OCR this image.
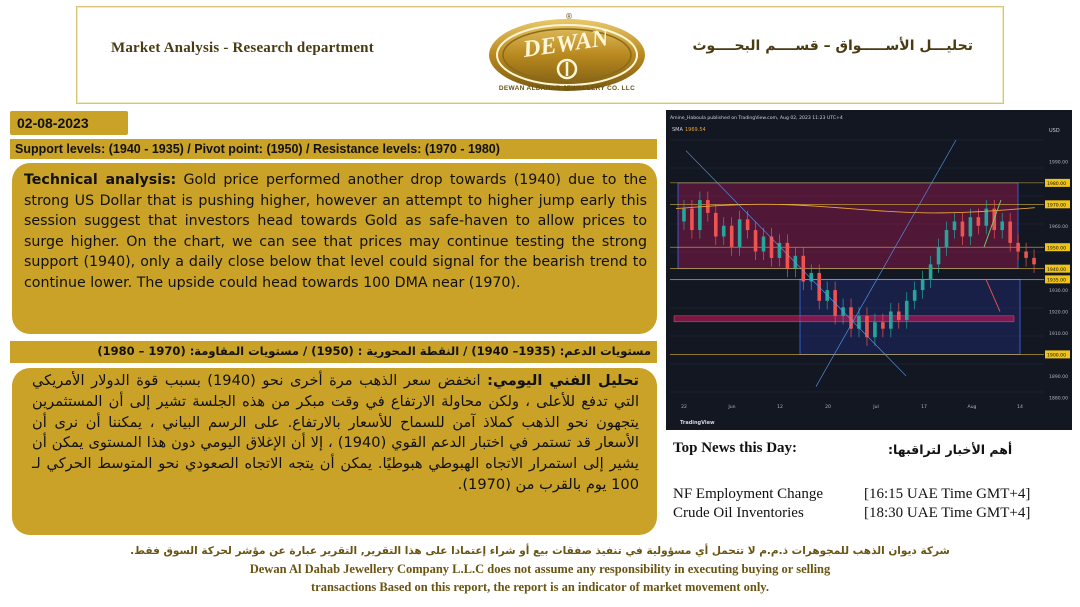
Market Analysis - Research department	DEWAN
®
DEWAN ALDAHAB JEWELLERY CO. LLC
تحليـــل الأســـــواق – قســــم البحــــوث
02-08-2023
Support levels: (1940 - 1935) / Pivot point: (1950) / Resistance levels: (1970 - 1980)
Technical analysis: Gold price performed another drop towards (1940) due to the strong US Dollar that is pushing higher, however an attempt to higher jump early this session suggest that investors head towards Gold as safe-haven to allow prices to surge higher. On the chart, we can see that prices may continue testing the strong support (1940), only a daily close below that level could signal for the bearish trend to continue lower. The upside could head towards 100 DMA near (1970).
مستويات الدعم: (1935– 1940) / النقطة المحورية : (1950) / مستويات المقاومة: (1970 – 1980)
تحليل الفني اليومي: انخفض سعر الذهب مرة أخرى نحو (1940) بسبب قوة الدولار الأمريكي التي تدفع للأعلى ، ولكن محاولة الارتفاع في وقت مبكر من هذه الجلسة تشير إلى أن المستثمرين يتجهون نحو الذهب كملاذ آمن للسماح للأسعار بالارتفاع. على الرسم البياني ، يمكننا أن نرى أن الأسعار قد تستمر في اختبار الدعم القوي (1940) ، إلا أن الإغلاق اليومي دون هذا المستوى يمكن أن يشير إلى استمرار الاتجاه الهبوطي هبوطيًا. يمكن أن يتجه الاتجاه الصعودي نحو المتوسط الحركي لـ 100 يوم بالقرب من (1970).
Amine_Haboula published on TradingView.com, Aug 02, 2023 11:23 UTC+4
SMA 1969.54	USD
1980.00
1970.00
1950.00
1940.00
1935.00
1900.00
1990.00
1960.00
1930.00
1920.00
1910.00
1890.00
1880.00
22	Jun	12	20	Jul	17	Aug	14
TradingView
Top News this Day:	أهم الأخبار لتراقبها:
NF Employment Change	[16:15 UAE Time GMT+4]
Crude Oil Inventories	[18:30 UAE Time GMT+4]
شركة ديوان الذهب للمجوهرات ذ.م.م لا تتحمل أي مسؤولية في تنفيذ صفقات بيع أو شراء إعتمادا على هذا التقرير, التقرير عبارة عن مؤشر لحركة السوق فقط.
Dewan Al Dahab Jewellery Company L.L.C does not assume any responsibility in executing buying or selling
transactions Based on this report, the report is an indicator of market movement only.
